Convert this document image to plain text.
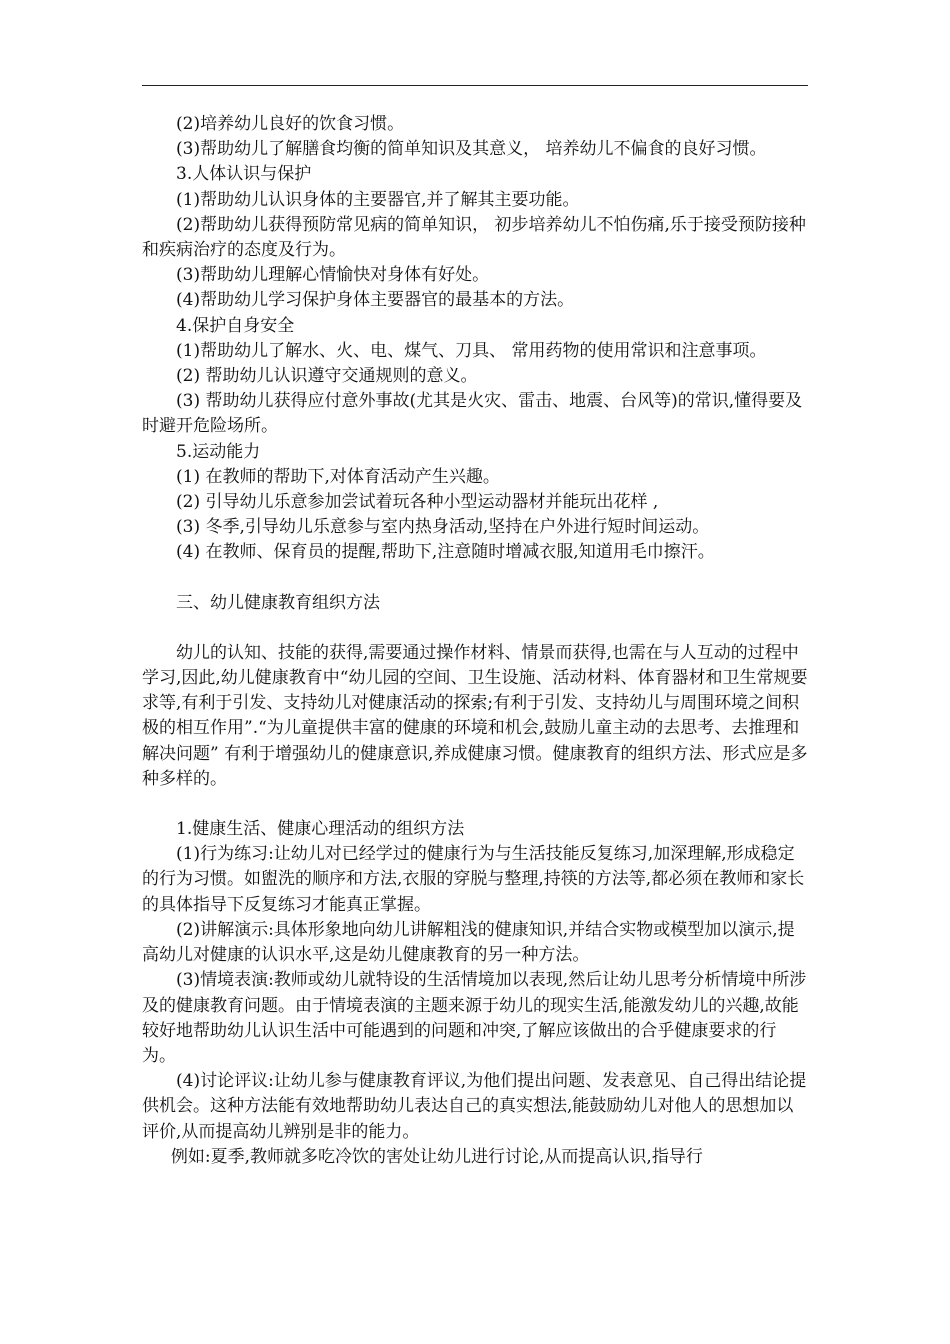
(2)培养幼儿良好的饮食习惯。

(3)帮助幼儿了解膳食均衡的简单知识及其意义， 培养幼儿不偏食的良好习惯。

3.人体认识与保护

(1)帮助幼儿认识身体的主要器官,并了解其主要功能。

(2)帮助幼儿获得预防常见病的简单知识， 初步培养幼儿不怕伤痛,乐于接受预防接种和疾病治疗的态度及行为。

(3)帮助幼儿理解心情愉快对身体有好处。

(4)帮助幼儿学习保护身体主要器官的最基本的方法。

4.保护自身安全

(1)帮助幼儿了解水、火、电、煤气、刀具、 常用药物的使用常识和注意事项。

(2) 帮助幼儿认识遵守交通规则的意义。

(3) 帮助幼儿获得应付意外事故(尤其是火灾、雷击、地震、台风等)的常识,懂得要及时避开危险场所。

5.运动能力

(1) 在教师的帮助下,对体育活动产生兴趣。

(2) 引导幼儿乐意参加尝试着玩各种小型运动器材并能玩出花样 ,

(3) 冬季,引导幼儿乐意参与室内热身活动,坚持在户外进行短时间运动。

(4) 在教师、保育员的提醒,帮助下,注意随时增减衣服,知道用毛巾擦汗。

三、幼儿健康教育组织方法

幼儿的认知、技能的获得,需要通过操作材料、情景而获得,也需在与人互动的过程中学习,因此,幼儿健康教育中“幼儿园的空间、卫生设施、活动材料、体育器材和卫生常规要求等,有利于引发、支持幼儿对健康活动的探索;有利于引发、支持幼儿与周围环境之间积极的相互作用”.“为儿童提供丰富的健康的环境和机会,鼓励儿童主动的去思考、去推理和解决问题” 有利于增强幼儿的健康意识,养成健康习惯。健康教育的组织方法、形式应是多种多样的。

1.健康生活、健康心理活动的组织方法

(1)行为练习:让幼儿对已经学过的健康行为与生活技能反复练习,加深理解,形成稳定的行为习惯。如盥洗的顺序和方法,衣服的穿脱与整理,持筷的方法等,都必须在教师和家长的具体指导下反复练习才能真正掌握。

(2)讲解演示:具体形象地向幼儿讲解粗浅的健康知识,并结合实物或模型加以演示,提高幼儿对健康的认识水平,这是幼儿健康教育的另一种方法。

(3)情境表演:教师或幼儿就特设的生活情境加以表现,然后让幼儿思考分析情境中所涉及的健康教育问题。由于情境表演的主题来源于幼儿的现实生活,能激发幼儿的兴趣,故能较好地帮助幼儿认识生活中可能遇到的问题和冲突,了解应该做出的合乎健康要求的行为。

(4)讨论评议:让幼儿参与健康教育评议,为他们提出问题、发表意见、自己得出结论提供机会。这种方法能有效地帮助幼儿表达自己的真实想法,能鼓励幼儿对他人的思想加以评价,从而提高幼儿辨别是非的能力。

例如:夏季,教师就多吃冷饮的害处让幼儿进行讨论,从而提高认识,指导行
